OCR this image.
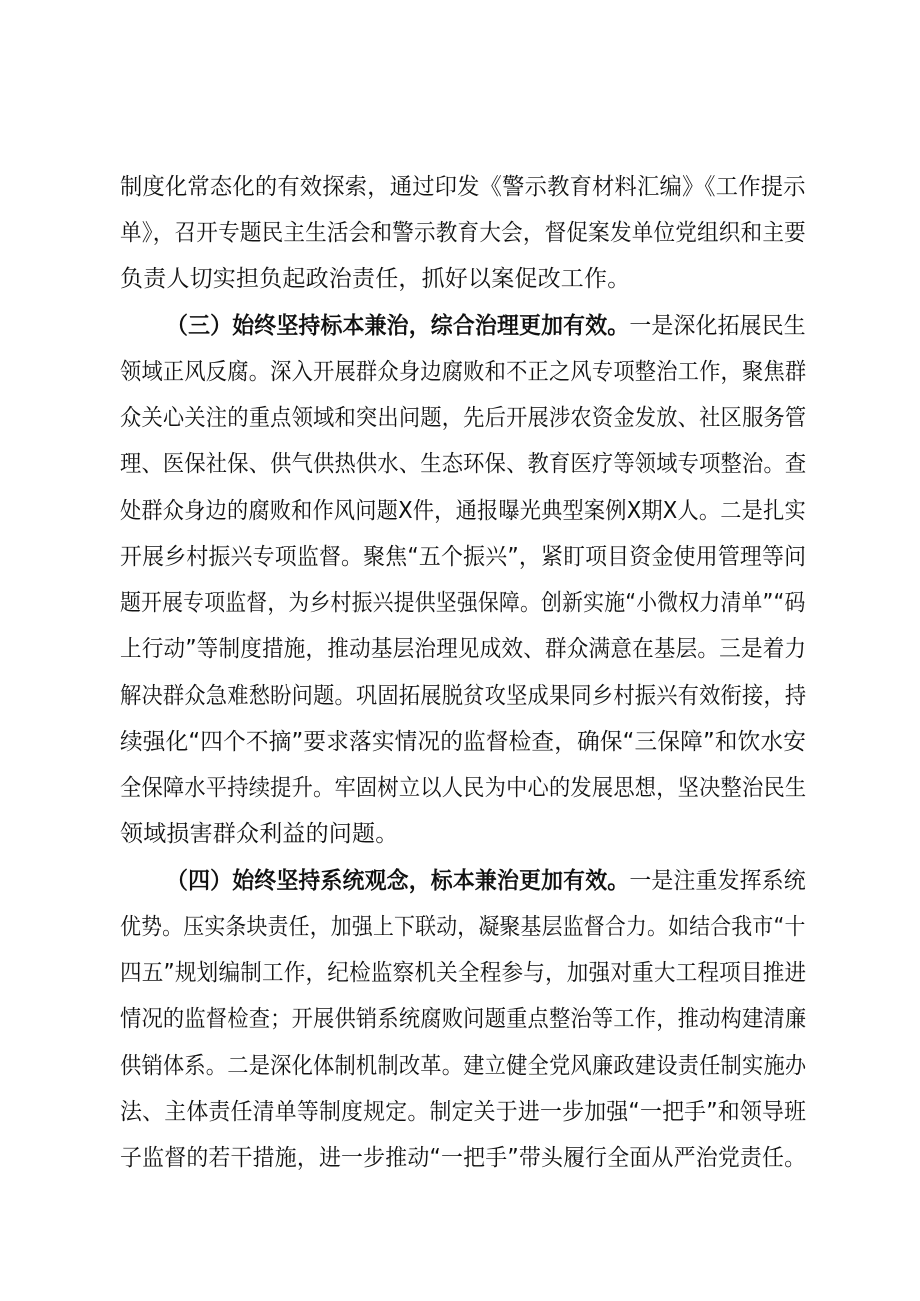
制度化常态化的有效探索，通过印发《警示教育材料汇编》《工作提示
单》，召开专题民主生活会和警示教育大会，督促案发单位党组织和主要
负责人切实担负起政治责任，抓好以案促改工作。
（三）始终坚持标本兼治，综合治理更加有效。一是深化拓展民生
领域正风反腐。深入开展群众身边腐败和不正之风专项整治工作，聚焦群
众关心关注的重点领域和突出问题，先后开展涉农资金发放、社区服务管
理、医保社保、供气供热供水、生态环保、教育医疗等领域专项整治。查
处群众身边的腐败和作风问题X件，通报曝光典型案例X期X人。二是扎实
开展乡村振兴专项监督。聚焦“五个振兴”，紧盯项目资金使用管理等问
题开展专项监督，为乡村振兴提供坚强保障。创新实施“小微权力清单”“码
上行动”等制度措施，推动基层治理见成效、群众满意在基层。三是着力
解决群众急难愁盼问题。巩固拓展脱贫攻坚成果同乡村振兴有效衔接，持
续强化“四个不摘”要求落实情况的监督检查，确保“三保障”和饮水安
全保障水平持续提升。牢固树立以人民为中心的发展思想，坚决整治民生
领域损害群众利益的问题。
（四）始终坚持系统观念，标本兼治更加有效。一是注重发挥系统
优势。压实条块责任，加强上下联动，凝聚基层监督合力。如结合我市“十
四五”规划编制工作，纪检监察机关全程参与，加强对重大工程项目推进
情况的监督检查；开展供销系统腐败问题重点整治等工作，推动构建清廉
供销体系。二是深化体制机制改革。建立健全党风廉政建设责任制实施办
法、主体责任清单等制度规定。制定关于进一步加强“一把手”和领导班
子监督的若干措施，进一步推动“一把手”带头履行全面从严治党责任。
